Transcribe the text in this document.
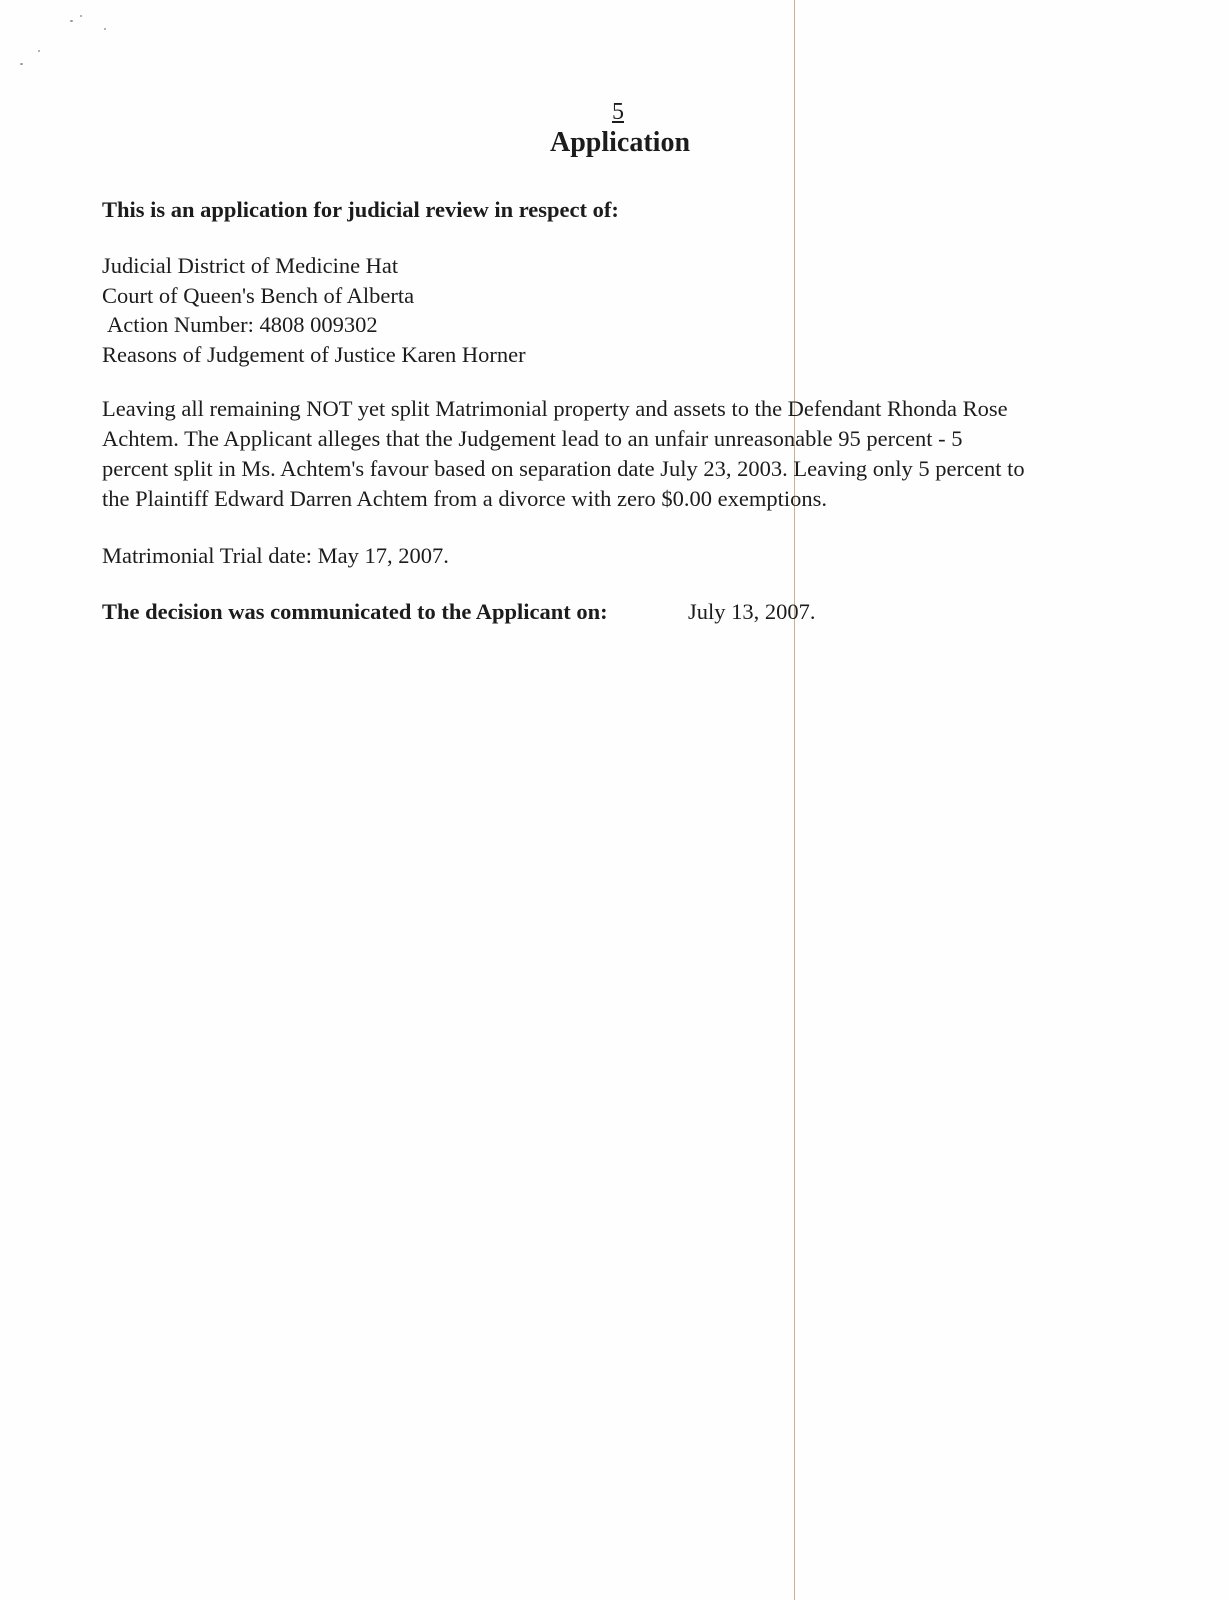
5
Application
This is an application for judicial review in respect of:
Judicial District of Medicine Hat
Court of Queen's Bench of Alberta
Action Number: 4808 009302
Reasons of Judgement of Justice Karen Horner
Leaving all remaining NOT yet split Matrimonial property and assets to the Defendant Rhonda Rose
Achtem. The Applicant alleges that the Judgement lead to an unfair unreasonable 95 percent - 5
percent split in Ms. Achtem's favour based on separation date July 23, 2003. Leaving only 5 percent to
the Plaintiff Edward Darren Achtem from a divorce with zero $0.00 exemptions.
Matrimonial Trial date: May 17, 2007.
The decision was communicated to the Applicant on:	July 13, 2007.
